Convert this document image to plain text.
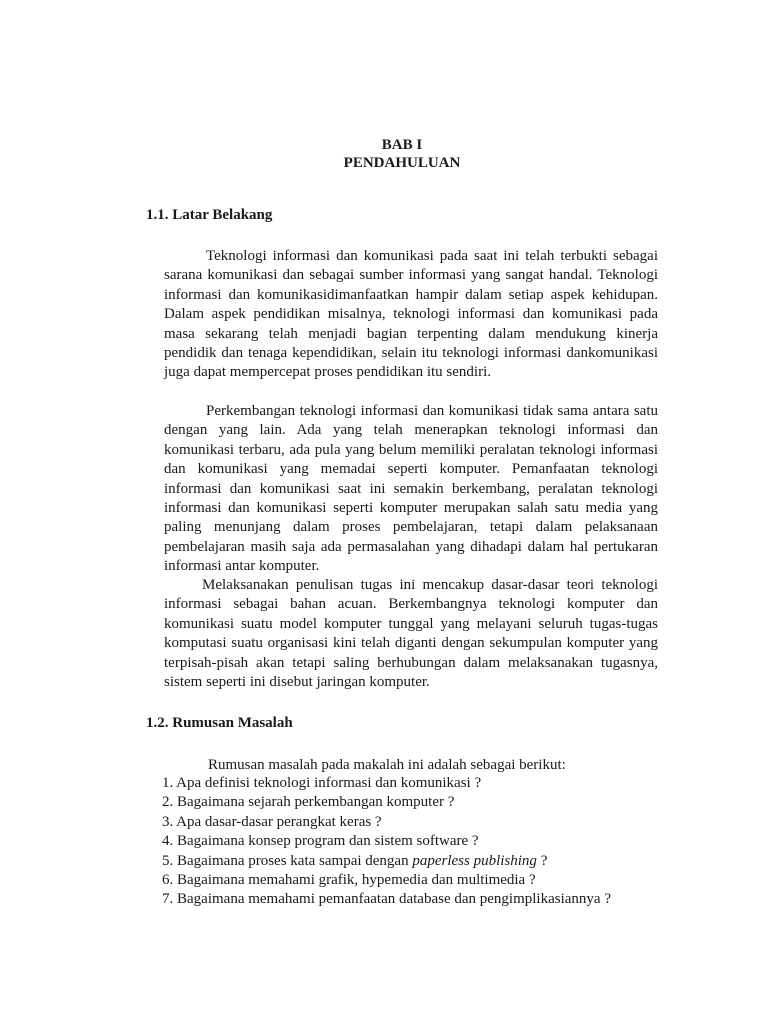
BAB I
PENDAHULUAN
1.1. Latar Belakang

Teknologi informasi dan komunikasi pada saat ini telah terbukti sebagai sarana komunikasi dan sebagai sumber informasi yang sangat handal. Teknologi informasi dan komunikasidimanfaatkan hampir dalam setiap aspek kehidupan. Dalam aspek pendidikan misalnya, teknologi informasi dan komunikasi pada masa sekarang telah menjadi bagian terpenting dalam mendukung kinerja pendidik dan tenaga kependidikan, selain itu teknologi informasi dankomunikasi juga dapat mempercepat proses pendidikan itu sendiri.

Perkembangan teknologi informasi dan komunikasi tidak sama antara satu dengan yang lain. Ada yang telah menerapkan teknologi informasi dan komunikasi terbaru, ada pula yang belum memiliki peralatan teknologi informasi dan komunikasi yang memadai seperti komputer. Pemanfaatan teknologi informasi dan komunikasi saat ini semakin berkembang, peralatan teknologi informasi dan komunikasi seperti komputer merupakan salah satu media yang paling menunjang dalam proses pembelajaran, tetapi dalam pelaksanaan pembelajaran masih saja ada permasalahan yang dihadapi dalam hal pertukaran informasi antar komputer.

Melaksanakan penulisan tugas ini mencakup dasar-dasar teori teknologi informasi sebagai bahan acuan. Berkembangnya teknologi komputer dan komunikasi suatu model komputer tunggal yang melayani seluruh tugas-tugas komputasi suatu organisasi kini telah diganti dengan sekumpulan komputer yang terpisah-pisah akan tetapi saling berhubungan dalam melaksanakan tugasnya, sistem seperti ini disebut jaringan komputer.

1.2. Rumusan Masalah
Rumusan masalah pada makalah ini adalah sebagai berikut:
1. Apa definisi teknologi informasi dan komunikasi ?
2. Bagaimana sejarah perkembangan komputer ?
3. Apa dasar-dasar perangkat keras ?
4. Bagaimana konsep program dan sistem software ?
5. Bagaimana proses kata sampai dengan paperless publishing ?
6. Bagaimana memahami grafik, hypemedia dan multimedia ?
7. Bagaimana memahami pemanfaatan database dan pengimplikasiannya ?
